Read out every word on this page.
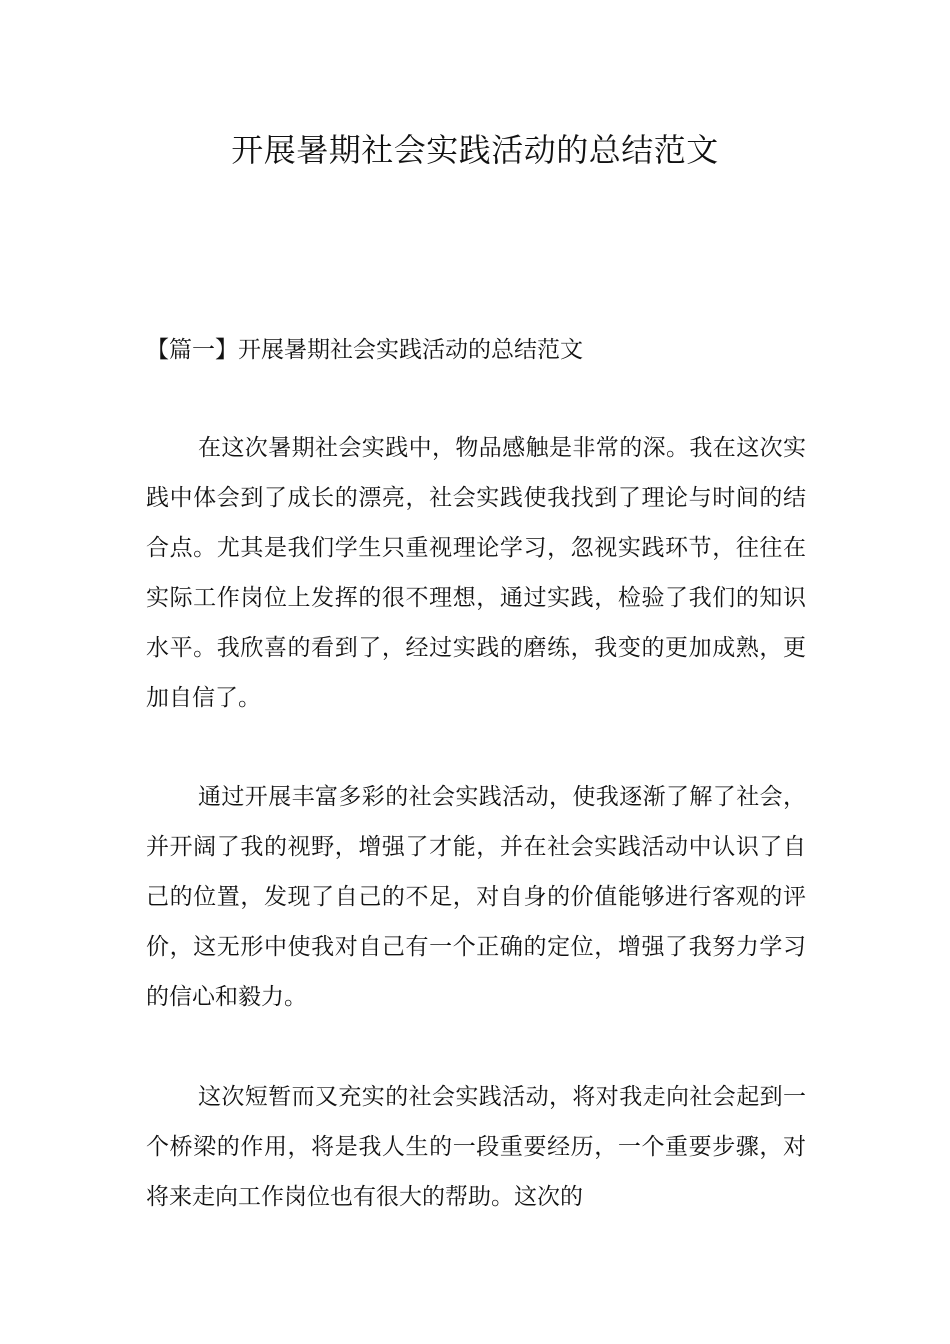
开展暑期社会实践活动的总结范文
【篇一】开展暑期社会实践活动的总结范文

在这次暑期社会实践中，物品感触是非常的深。我在这次实践中体会到了成长的漂亮，社会实践使我找到了理论与时间的结合点。尤其是我们学生只重视理论学习，忽视实践环节，往往在实际工作岗位上发挥的很不理想，通过实践，检验了我们的知识水平。我欣喜的看到了，经过实践的磨练，我变的更加成熟，更加自信了。

通过开展丰富多彩的社会实践活动，使我逐渐了解了社会，并开阔了我的视野，增强了才能，并在社会实践活动中认识了自己的位置，发现了自己的不足，对自身的价值能够进行客观的评价，这无形中使我对自己有一个正确的定位，增强了我努力学习的信心和毅力。

这次短暂而又充实的社会实践活动，将对我走向社会起到一个桥梁的作用，将是我人生的一段重要经历，一个重要步骤，对将来走向工作岗位也有很大的帮助。这次的
